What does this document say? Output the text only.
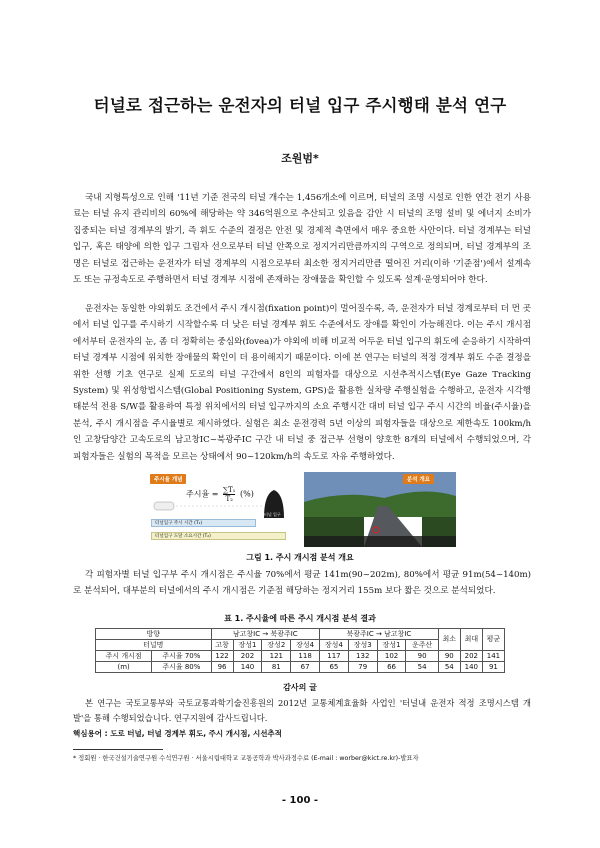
터널로 접근하는 운전자의 터널 입구 주시행태 분석 연구
조원범*

국내 지형특성으로 인해 '11년 기준 전국의 터널 개수는 1,456개소에 이르며, 터널의 조명 시설로 인한 연간 전기 사용료는 터널 유지 관리비의 60%에 해당하는 약 346억원으로 추산되고 있음을 감안 시 터널의 조명 설비 및 에너지 소비가 집중되는 터널 경계부의 밝기, 즉 휘도 수준의 결정은 안전 및 경제적 측면에서 매우 중요한 사안이다. 터널 경계부는 터널 입구, 혹은 태양에 의한 입구 그림자 선으로부터 터널 안쪽으로 정지거리만큼까지의 구역으로 정의되며, 터널 경계부의 조명은 터널로 접근하는 운전자가 터널 경계부의 시점으로부터 최소한 정지거리만큼 떨어진 거리(이하 '기준점')에서 설계속도 또는 규정속도로 주행하면서 터널 경계부 시점에 존재하는 장애물을 확인할 수 있도록 설계·운영되어야 한다.

운전자는 동일한 야외휘도 조건에서 주시 개시점(fixation point)이 멀어질수록, 즉, 운전자가 터널 경계로부터 더 먼 곳에서 터널 입구를 주시하기 시작할수록 더 낮은 터널 경계부 휘도 수준에서도 장애를 확인이 가능해진다. 이는 주시 개시점에서부터 운전자의 눈, 좀 더 정확히는 중심와(fovea)가 야외에 비해 비교적 어두운 터널 입구의 휘도에 순응하기 시작하여 터널 경계부 시점에 위치한 장애물의 확인이 더 용이해지기 때문이다. 이에 본 연구는 터널의 적정 경계부 휘도 수준 결정을 위한 선행 기초 연구로 실제 도로의 터널 구간에서 8인의 피험자를 대상으로 시선추적시스템(Eye Gaze Tracking System) 및 위성항법시스템(Global Positioning System, GPS)을 활용한 실차량 주행실험을 수행하고, 운전자 시각행태분석 전용 S/W를 활용하여 특정 위치에서의 터널 입구까지의 소요 주행시간 대비 터널 입구 주시 시간의 비율(주시율)을 분석, 주시 개시점을 주시율별로 제시하였다. 실험은 최소 운전경력 5년 이상의 피험자들을 대상으로 제한속도 100km/h인 고창담양간 고속도로의 남고창IC~북광주IC 구간 내 터널 중 접근부 선형이 양호한 8개의 터널에서 수행되었으며, 각 피험자들은 실험의 목적을 모르는 상태에서 90~120km/h의 속도로 자유 주행하였다.

주시율 개념
주시율 = $\frac{\text{∑T₁}}{\text{T₂}}$ (%)
터널 입구
터널입구 주시 시간 (T₁)
터널입구 도달 소요시간 (T₂)
분석 개요
그림 1. 주시 개시점 분석 개요

각 피험자별 터널 입구부 주시 개시점은 주시율 70%에서 평균 141m(90~202m), 80%에서 평균 91m(54~140m)로 분석되어, 대부분의 터널에서의 주시 개시점은 기준점 해당하는 정지거리 155m 보다 짧은 것으로 분석되었다.

표 1. 주시율에 따른 주시 개시점 분석 결과
방향		남고창IC → 북광주IC				북광주IC → 남고창IC				최소	최대	평균
터널명		고창	장성1	장성2	장성4	장성4	장성3	장성1	운주산			
주시 개시점	주시율 70%	122	202	121	118	117	132	102	90	90	202	141
(m)	주시율 80%	96	140	81	67	65	79	66	54	54	140	91
감사의 글

본 연구는 국토교통부와 국토교통과학기술진흥원의 2012년 교통체계효율화 사업인 '터널내 운전자 적정 조명시스템 개발'을 통해 수행되었습니다. 연구지원에 감사드립니다.

핵심용어 : 도로 터널, 터널 경계부 휘도, 주시 개시점, 시선추적
* 정회원 · 한국건설기술연구원 수석연구원 · 서울시립대학교 교통공학과 박사과정수료 (E-mail : worber@kict.re.kr)-발표자
- 100 -
